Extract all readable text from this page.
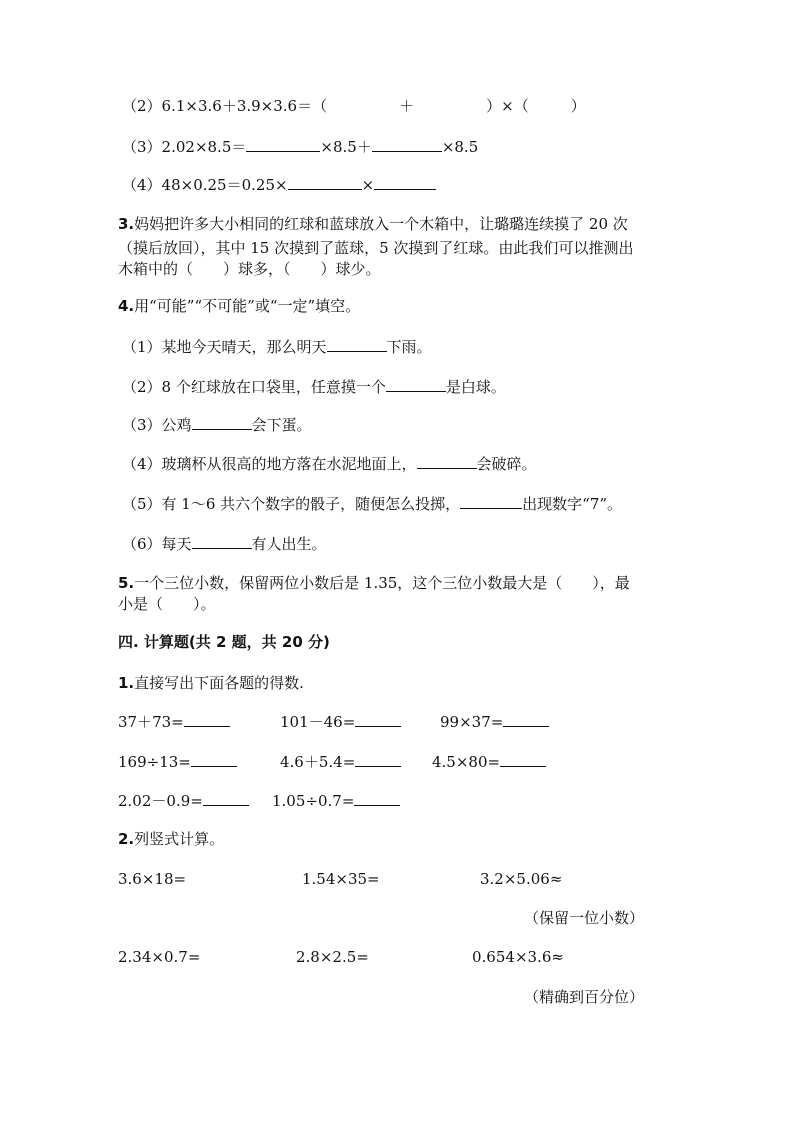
（2）6.1×3.6＋3.9×3.6＝（	＋	）×（	）
（3）2.02×8.5＝	×8.5＋	×8.5
（4）48×0.25＝0.25×	×
3.妈妈把许多大小相同的红球和蓝球放入一个木箱中，让璐璐连续摸了 20 次
（摸后放回），其中 15 次摸到了蓝球，5 次摸到了红球。由此我们可以推测出
木箱中的（　　）球多，（　　）球少。
4.用“可能”“不可能”或“一定”填空。
（1）某地今天晴天，那么明天	下雨。
（2）8 个红球放在口袋里，任意摸一个	是白球。
（3）公鸡	会下蛋。
（4）玻璃杯从很高的地方落在水泥地面上，	会破碎。
（5）有 1～6 共六个数字的骰子，随便怎么投掷，	出现数字“7”。
（6）每天	有人出生。
5.一个三位小数，保留两位小数后是 1.35，这个三位小数最大是（　　），最
小是（　　）。
四. 计算题(共 2 题，共 20 分)
1.直接写出下面各题的得数.
37＋73=	101－46=	99×37=
169÷13=	4.6＋5.4=	4.5×80=
2.02－0.9=	1.05÷0.7=
2.列竖式计算。
3.6×18=	1.54×35=	3.2×5.06≈
（保留一位小数）
2.34×0.7=	2.8×2.5=	0.654×3.6≈
（精确到百分位）
